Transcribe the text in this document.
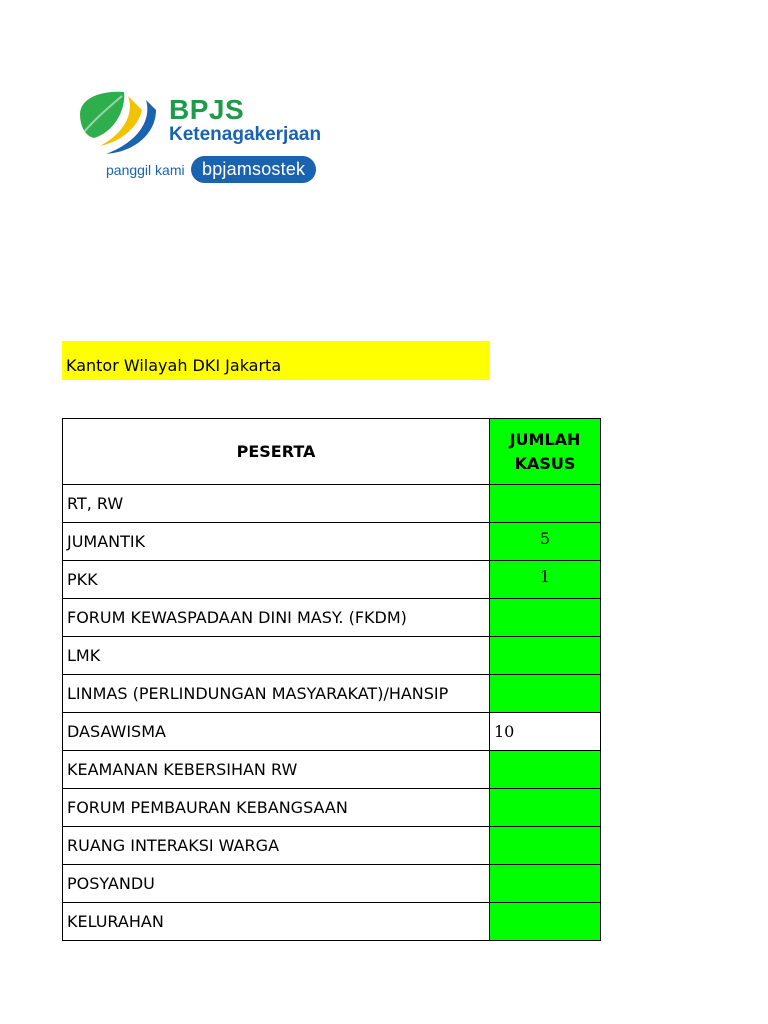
BPJS
Ketenagakerjaan
panggil kami bpjamsostek
Kantor Wilayah DKI Jakarta
PESERTA	JUMLAH
KASUS
RT, RW	
JUMANTIK	5
PKK	1
FORUM KEWASPADAAN DINI MASY. (FKDM)	
LMK	
LINMAS (PERLINDUNGAN MASYARAKAT)/HANSIP	
DASAWISMA	10
KEAMANAN KEBERSIHAN RW	
FORUM PEMBAURAN KEBANGSAAN	
RUANG INTERAKSI WARGA	
POSYANDU	
KELURAHAN	
